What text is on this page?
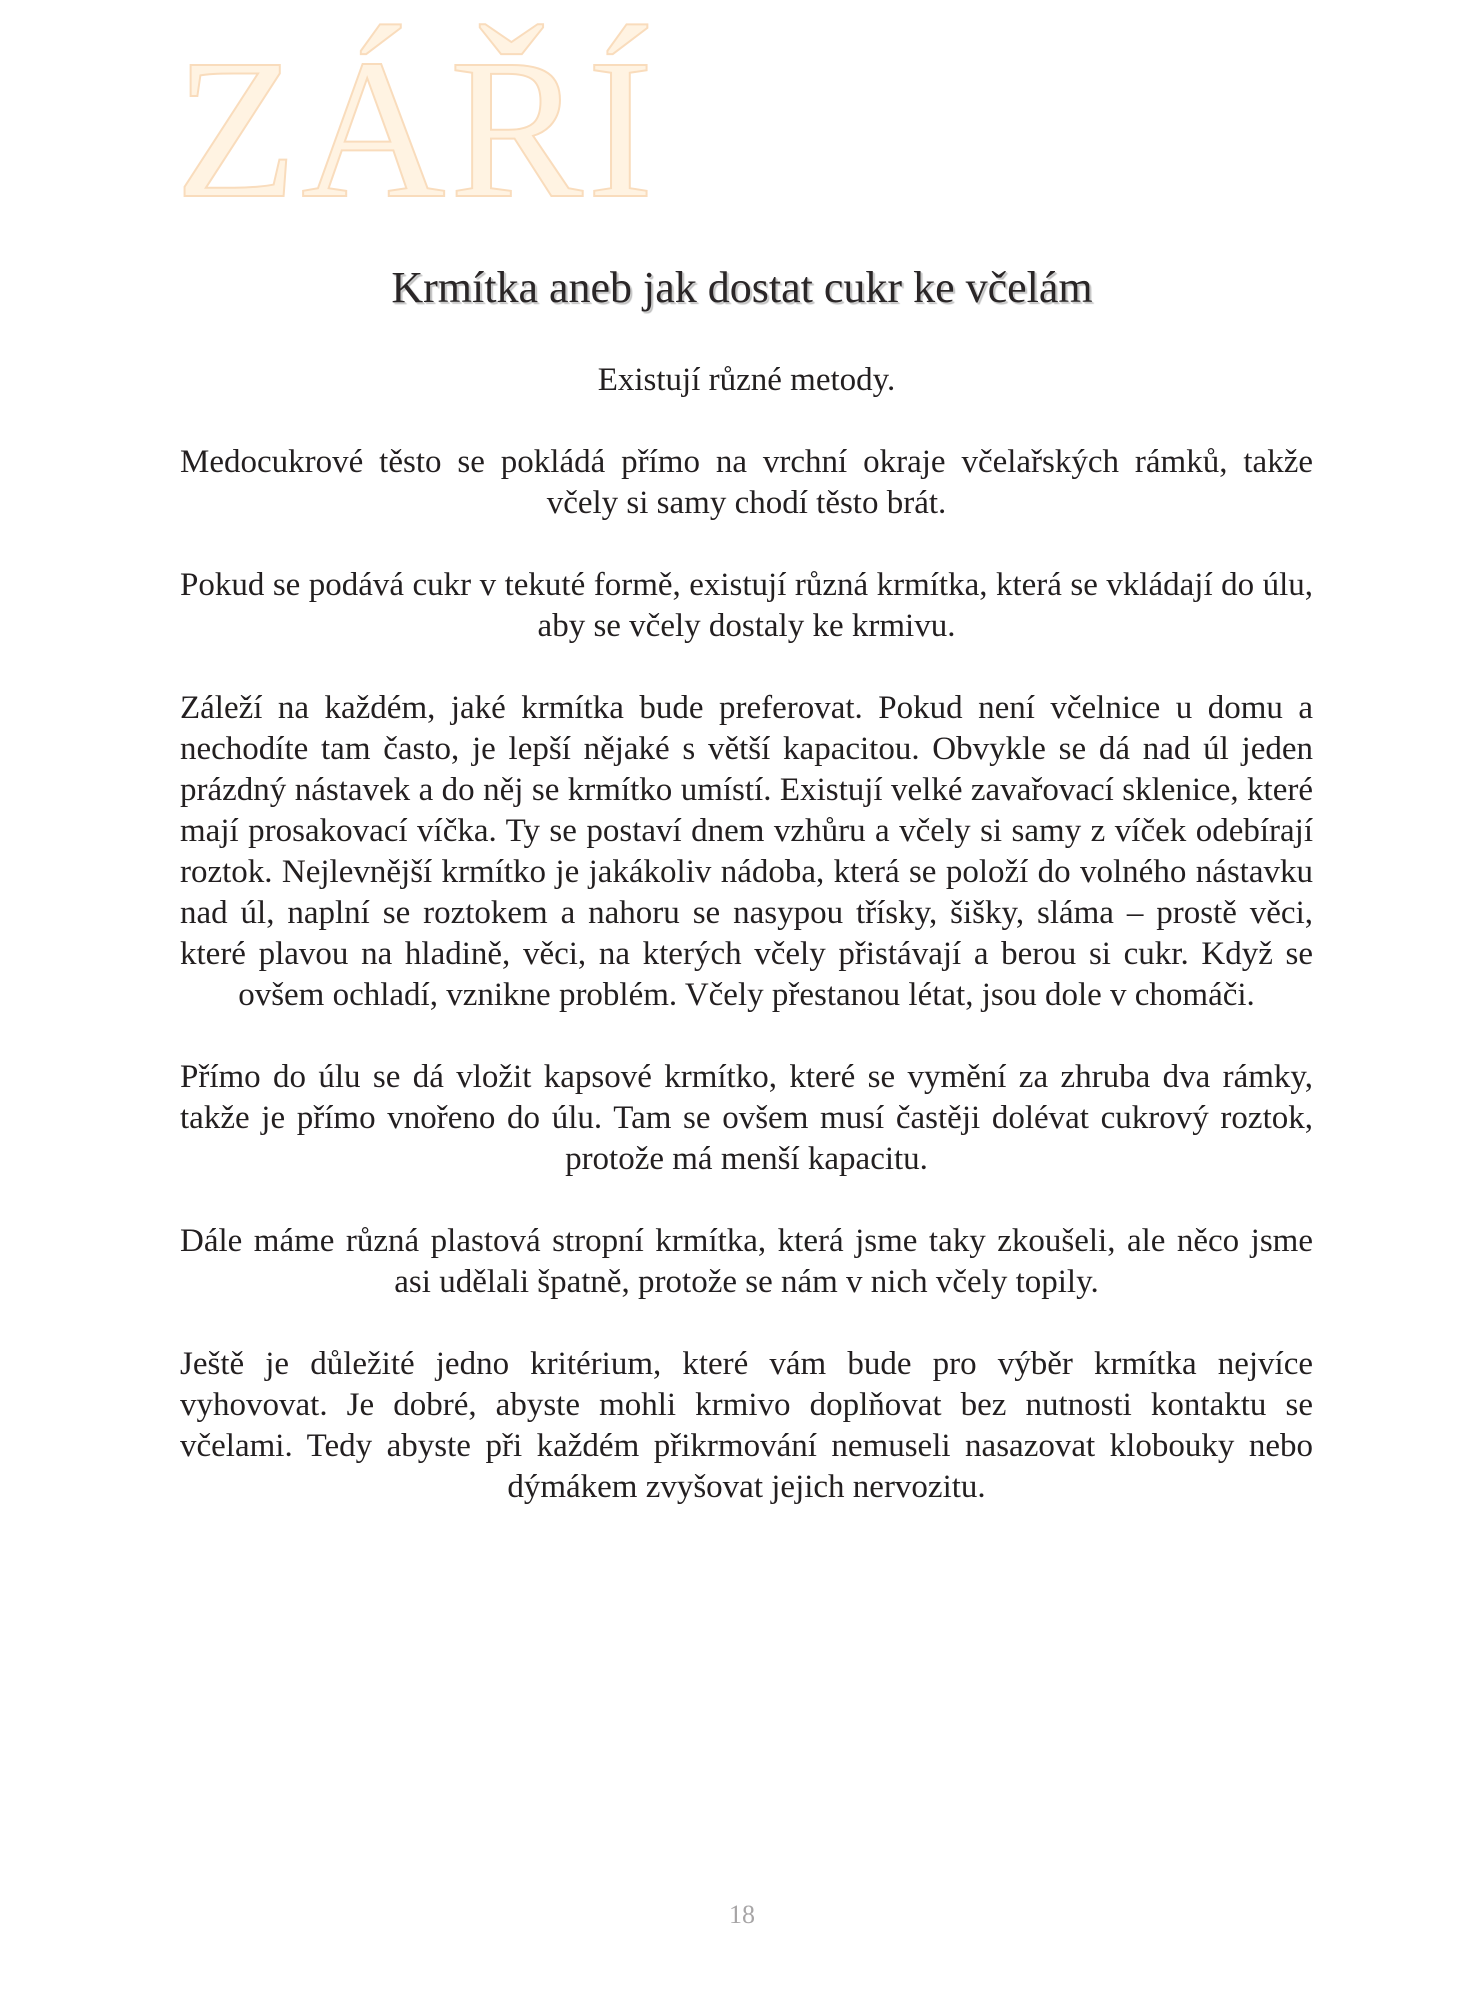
ZÁŘÍ
Krmítka aneb jak dostat cukr ke včelám

Existují různé metody.

Medocukrové těsto se pokládá přímo na vrchní okraje včelařských rámků, takže včely si samy chodí těsto brát.

Pokud se podává cukr v tekuté formě, existují různá krmítka, která se vkládají do úlu, aby se včely dostaly ke krmivu.

Záleží na každém, jaké krmítka bude preferovat. Pokud není včelnice u domu a nechodíte tam často, je lepší nějaké s větší kapacitou. Obvykle se dá nad úl jeden prázdný nástavek a do něj se krmítko umístí. Existují velké zavařovací sklenice, které mají prosakovací víčka. Ty se postaví dnem vzhůru a včely si samy z víček odebírají roztok. Nejlevnější krmítko je jakákoliv nádoba, která se položí do volného nástavku nad úl, naplní se roztokem a nahoru se nasypou třísky, šišky, sláma – prostě věci, které plavou na hladině, věci, na kterých včely přistávají a berou si cukr. Když se ovšem ochladí, vznikne problém. Včely přestanou létat, jsou dole v chomáči.

Přímo do úlu se dá vložit kapsové krmítko, které se vymění za zhruba dva rámky, takže je přímo vnořeno do úlu. Tam se ovšem musí častěji dolévat cukrový roztok, protože má menší kapacitu.

Dále máme různá plastová stropní krmítka, která jsme taky zkoušeli, ale něco jsme asi udělali špatně, protože se nám v nich včely topily.

Ještě je důležité jedno kritérium, které vám bude pro výběr krmítka nejvíce vyhovovat. Je dobré, abyste mohli krmivo doplňovat bez nutnosti kontaktu se včelami. Tedy abyste při každém přikrmování nemuseli nasazovat klobouky nebo dýmákem zvyšovat jejich nervozitu.

18
